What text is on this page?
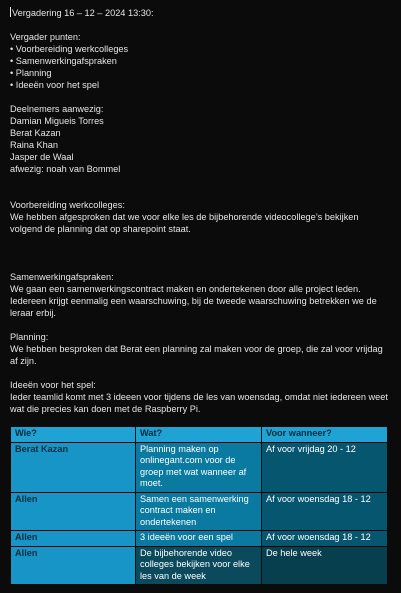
Vergadering 16 – 12 – 2024 13:30:
Vergader punten:
• Voorbereiding werkcolleges
• Samenwerkingafspraken
• Planning
• Ideeën voor het spel
Deelnemers aanwezig:
Damian Migueis Torres
Berat Kazan
Raina Khan
Jasper de Waal
afwezig: noah van Bommel
Voorbereiding werkcolleges:
We hebben afgesproken dat we voor elke les de bijbehorende videocollege’s bekijken volgend de planning dat op sharepoint staat.
Samenwerkingafspraken:
We gaan een samenwerkingscontract maken en ondertekenen door alle project leden. Iedereen krijgt eenmalig een waarschuwing, bij de tweede waarschuwing betrekken we de leraar erbij.
Planning:
We hebben besproken dat Berat een planning zal maken voor de groep, die zal voor vrijdag af zijn.
Ideeën voor het spel:
Ieder teamlid komt met 3 ideeen voor tijdens de les van woensdag, omdat niet iedereen weet wat die precies kan doen met de Raspberry Pi.
Wie?	Wat?	Voor wanneer?
Berat Kazan	Planning maken op onlinegant.com voor de groep met wat wanneer af moet.	Af voor vrijdag 20 - 12
Allen	Samen een samenwerking contract maken en ondertekenen	Af voor woensdag 18 - 12
Allen	3 ideeën voor een spel	Af voor woensdag 18 - 12
Allen	De bijbehorende video colleges bekijken voor elke les van de week	De hele week
